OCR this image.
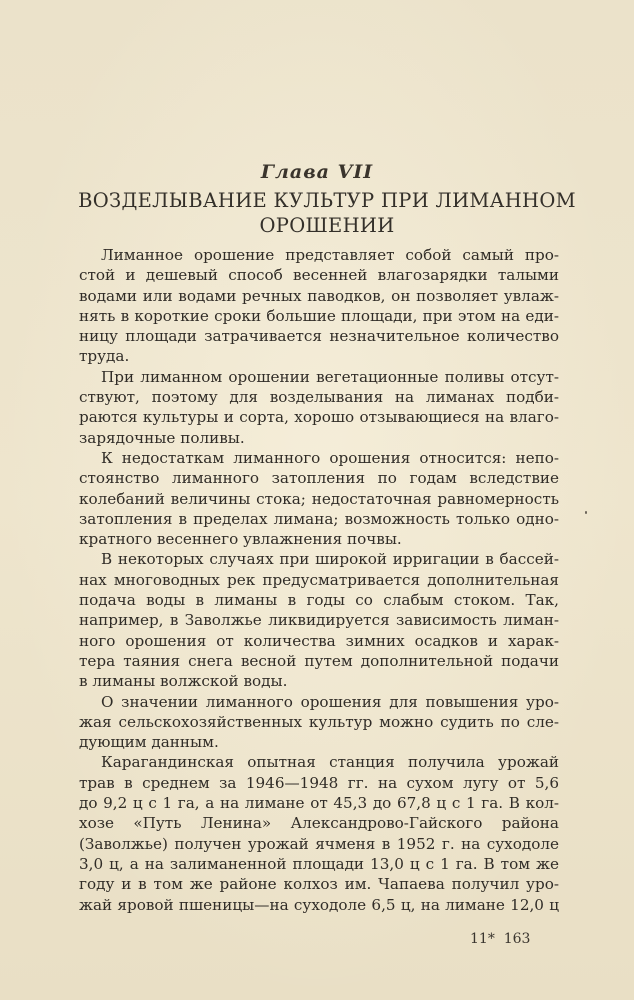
Глава VII
ВОЗДЕЛЫВАНИЕ КУЛЬТУР ПРИ ЛИМАННОМ
ОРОШЕНИИ
Лиманное орошение представляет собой самый про-
стой и дешевый способ весенней влагозарядки талыми
водами или водами речных паводков, он позволяет увлаж-
нять в короткие сроки большие площади, при этом на еди-
ницу площади затрачивается незначительное количество
труда.
При лиманном орошении вегетационные поливы отсут-
ствуют, поэтому для возделывания на лиманах подби-
раются культуры и сорта, хорошо отзывающиеся на влаго-
зарядочные поливы.
К недостаткам лиманного орошения относится: непо-
стоянство лиманного затопления по годам вследствие
колебаний величины стока; недостаточная равномерность
затопления в пределах лимана; возможность только одно-
кратного весеннего увлажнения почвы.
В некоторых случаях при широкой ирригации в бассей-
нах многоводных рек предусматривается дополнительная
подача воды в лиманы в годы со слабым стоком. Так,
например, в Заволжье ликвидируется зависимость лиман-
ного орошения от количества зимних осадков и харак-
тера таяния снега весной путем дополнительной подачи
в лиманы волжской воды.
О значении лиманного орошения для повышения уро-
жая сельскохозяйственных культур можно судить по сле-
дующим данным.
Карагандинская опытная станция получила урожай
трав в среднем за 1946—1948 гг. на сухом лугу от 5,6
до 9,2 ц с 1 га, а на лимане от 45,3 до 67,8 ц с 1 га. В кол-
хозе «Путь Ленина» Александрово-Гайского района
(Заволжье) получен урожай ячменя в 1952 г. на суходоле
3,0 ц, а на залиманенной площади 13,0 ц с 1 га. В том же
году и в том же районе колхоз им. Чапаева получил уро-
жай яровой пшеницы—на суходоле 6,5 ц, на лимане 12,0 ц
11* 163
